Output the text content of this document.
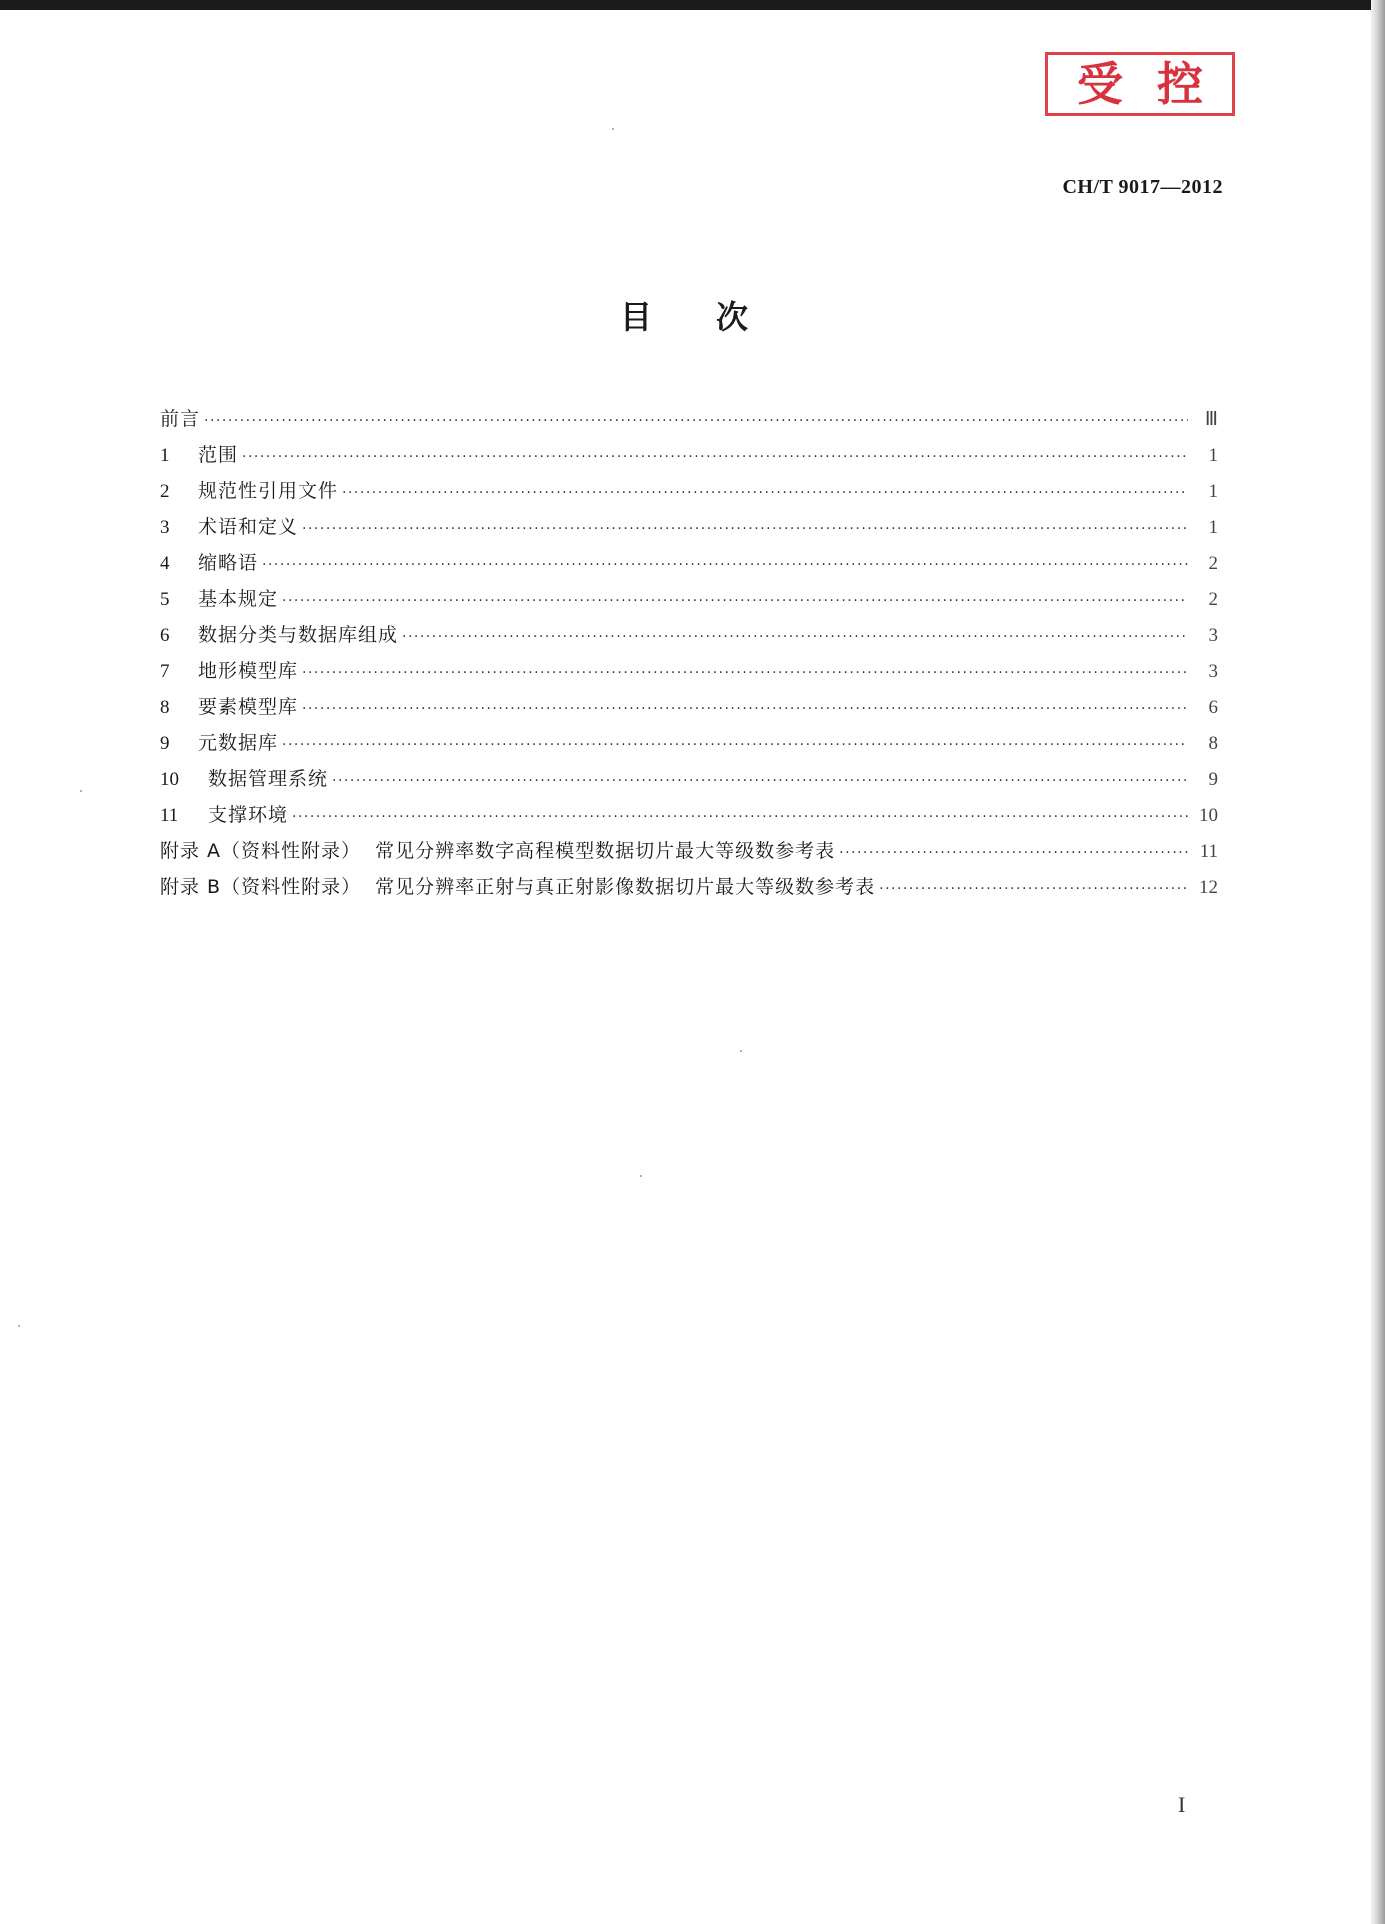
受 控
CH/T 9017—2012
目次
前言 ·····	Ⅲ
1	范围 ·····	1
2	规范性引用文件 ·····	1
3	术语和定义 ·····	1
4	缩略语 ·····	2
5	基本规定 ·····	2
6	数据分类与数据库组成 ·····	3
7	地形模型库 ·····	3
8	要素模型库 ·····	6
9	元数据库 ·····	8
10	数据管理系统 ·····	9
11	支撑环境 ·····	10
附录 A（资料性附录）  常见分辨率数字高程模型数据切片最大等级数参考表 ·····	11
附录 B（资料性附录）  常见分辨率正射与真正射影像数据切片最大等级数参考表 ·····	12
I
